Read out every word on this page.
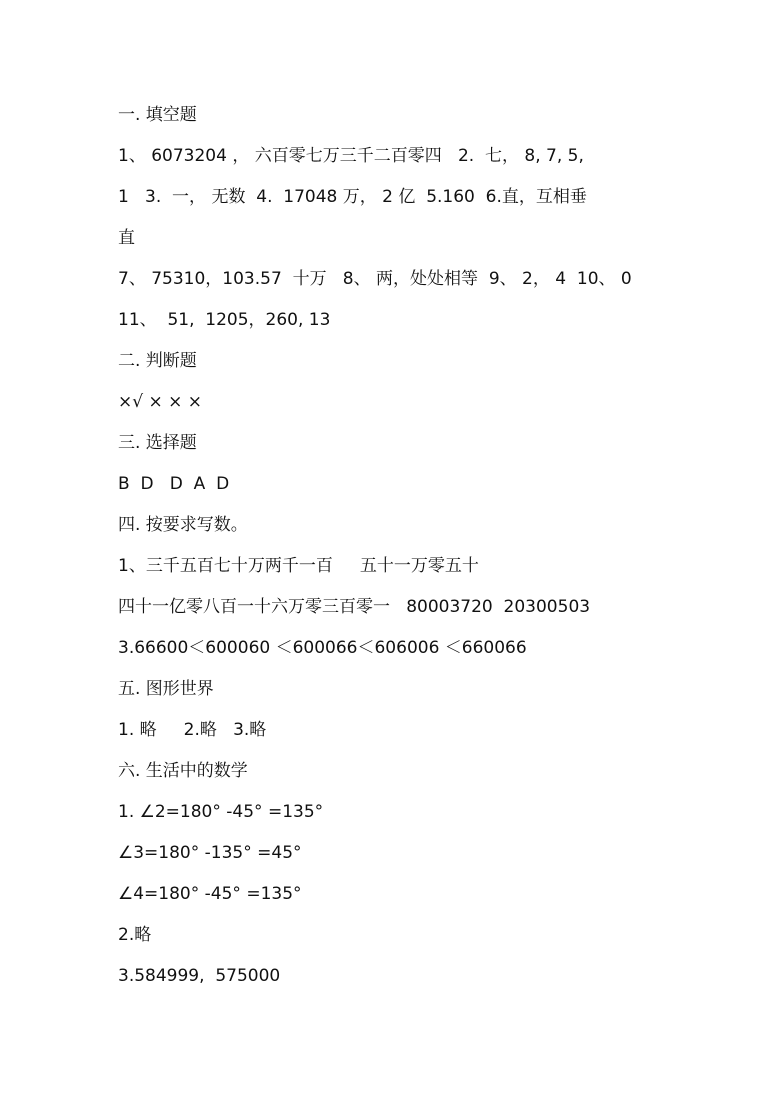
一. 填空题
1、 6073204 ， 六百零七万三千二百零四   2.  七， 8, 7, 5,
1   3.  一， 无数  4.  17048 万， 2 亿  5.160  6.直，互相垂
直
7、 75310，103.57  十万   8、 两，处处相等  9、 2， 4  10、 0
11、  51,  1205，260, 13
二. 判断题
×√ × × ×
三. 选择题
B  D   D  A  D
四. 按要求写数。
1、三千五百七十万两千一百     五十一万零五十
四十一亿零八百一十六万零三百零一   80003720  20300503
3.66600＜600060 ＜600066＜606006 ＜660066
五. 图形世界
1. 略     2.略   3.略
六. 生活中的数学
1. ∠2=180° -45° =135°
∠3=180° -135° =45°
∠4=180° -45° =135°
2.略
3.584999,  575000
